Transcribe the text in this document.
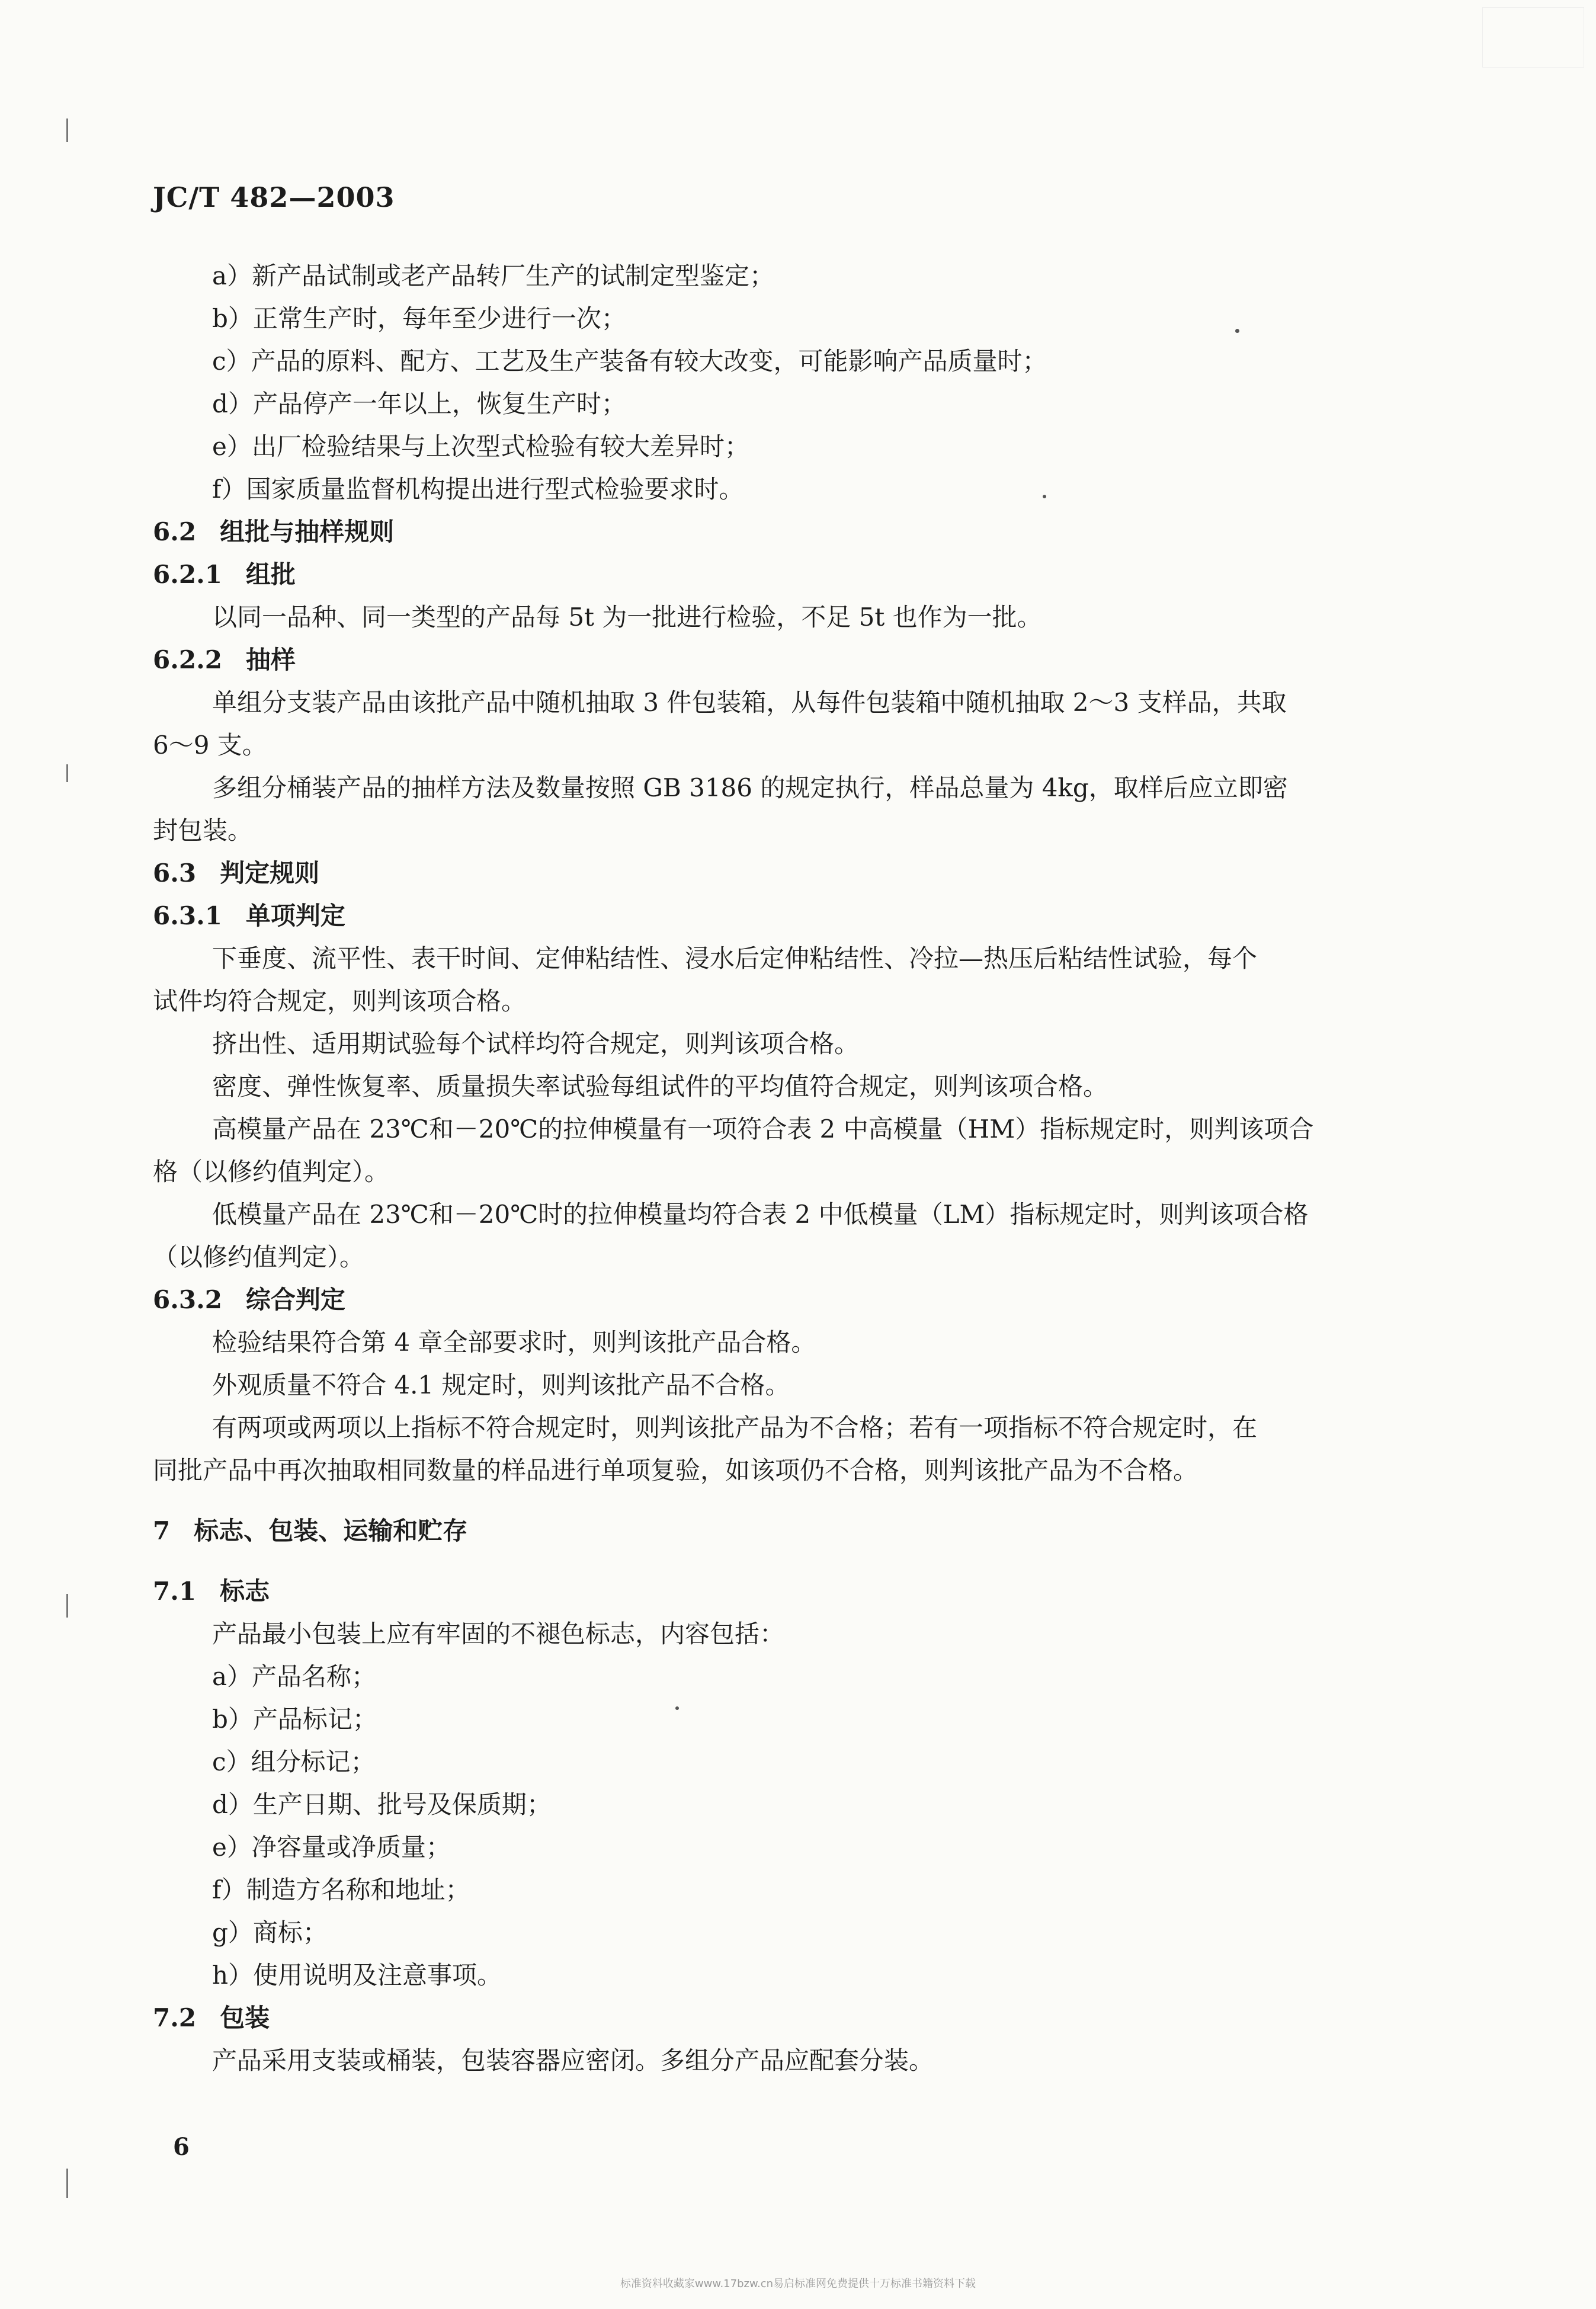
JC/T 482—2003
a）新产品试制或老产品转厂生产的试制定型鉴定；
b）正常生产时，每年至少进行一次；
c）产品的原料、配方、工艺及生产装备有较大改变，可能影响产品质量时；
d）产品停产一年以上，恢复生产时；
e）出厂检验结果与上次型式检验有较大差异时；
f）国家质量监督机构提出进行型式检验要求时。
6.2 组批与抽样规则
6.2.1 组批
以同一品种、同一类型的产品每 5t 为一批进行检验，不足 5t 也作为一批。
6.2.2 抽样
单组分支装产品由该批产品中随机抽取 3 件包装箱，从每件包装箱中随机抽取 2～3 支样品，共取
6～9 支。
多组分桶装产品的抽样方法及数量按照 GB 3186 的规定执行，样品总量为 4kg，取样后应立即密
封包装。
6.3 判定规则
6.3.1 单项判定
下垂度、流平性、表干时间、定伸粘结性、浸水后定伸粘结性、冷拉—热压后粘结性试验，每个
试件均符合规定，则判该项合格。
挤出性、适用期试验每个试样均符合规定，则判该项合格。
密度、弹性恢复率、质量损失率试验每组试件的平均值符合规定，则判该项合格。
高模量产品在 23℃和－20℃的拉伸模量有一项符合表 2 中高模量（HM）指标规定时，则判该项合
格（以修约值判定）。
低模量产品在 23℃和－20℃时的拉伸模量均符合表 2 中低模量（LM）指标规定时，则判该项合格
（以修约值判定）。
6.3.2 综合判定
检验结果符合第 4 章全部要求时，则判该批产品合格。
外观质量不符合 4.1 规定时，则判该批产品不合格。
有两项或两项以上指标不符合规定时，则判该批产品为不合格；若有一项指标不符合规定时，在
同批产品中再次抽取相同数量的样品进行单项复验，如该项仍不合格，则判该批产品为不合格。
7 标志、包装、运输和贮存
7.1 标志
产品最小包装上应有牢固的不褪色标志，内容包括：
a）产品名称；
b）产品标记；
c）组分标记；
d）生产日期、批号及保质期；
e）净容量或净质量；
f）制造方名称和地址；
g）商标；
h）使用说明及注意事项。
7.2 包装
产品采用支装或桶装，包装容器应密闭。多组分产品应配套分装。
6
标准资料收藏家www.17bzw.cn易启标准网免费提供十万标准书籍资料下载
